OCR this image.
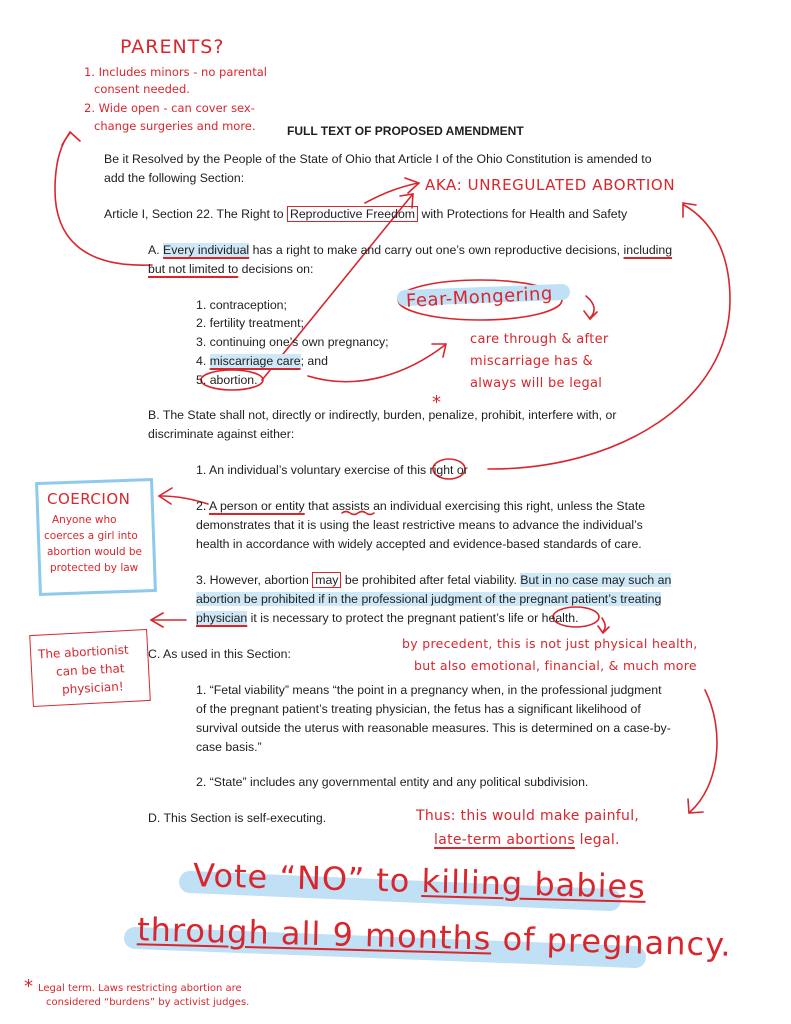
PARENTS?
1. Includes minors - no parental
consent needed.
2. Wide open - can cover sex-
change surgeries and more.
AKA: UNREGULATED ABORTION
Fear-Mongering
care through & after
miscarriage has &
always will be legal
COERCION
Anyone who
coerces a girl into
abortion would be
protected by law
The abortionist
can be that
physician!
by precedent, this is not just physical health,
but also emotional, financial, & much more
Thus: this would make painful,
late-term abortions legal.
Vote “NO” to killing babies
through all 9 months of pregnancy.
*
* Legal term. Laws restricting abortion are
considered “burdens” by activist judges.
FULL TEXT OF PROPOSED AMENDMENT
Be it Resolved by the People of the State of Ohio that Article I of the Ohio Constitution is amended to
add the following Section:
Article I, Section 22. The Right to Reproductive Freedom with Protections for Health and Safety
A. Every individual has a right to make and carry out one’s own reproductive decisions, including
but not limited to decisions on:
1. contraception;
2. fertility treatment;
3. continuing one’s own pregnancy;
4. miscarriage care; and
5. abortion.
B. The State shall not, directly or indirectly, burden, penalize, prohibit, interfere with, or
discriminate against either:
1. An individual’s voluntary exercise of this right or
2. A person or entity that assists an individual exercising this right, unless the State
demonstrates that it is using the least restrictive means to advance the individual’s
health in accordance with widely accepted and evidence-based standards of care.
3. However, abortion may be prohibited after fetal viability. But in no case may such an
abortion be prohibited if in the professional judgment of the pregnant patient’s treating
physician it is necessary to protect the pregnant patient’s life or health.
C. As used in this Section:
1. “Fetal viability” means “the point in a pregnancy when, in the professional judgment
of the pregnant patient’s treating physician, the fetus has a significant likelihood of
survival outside the uterus with reasonable measures. This is determined on a case-by-
case basis.”
2. “State” includes any governmental entity and any political subdivision.
D. This Section is self-executing.
